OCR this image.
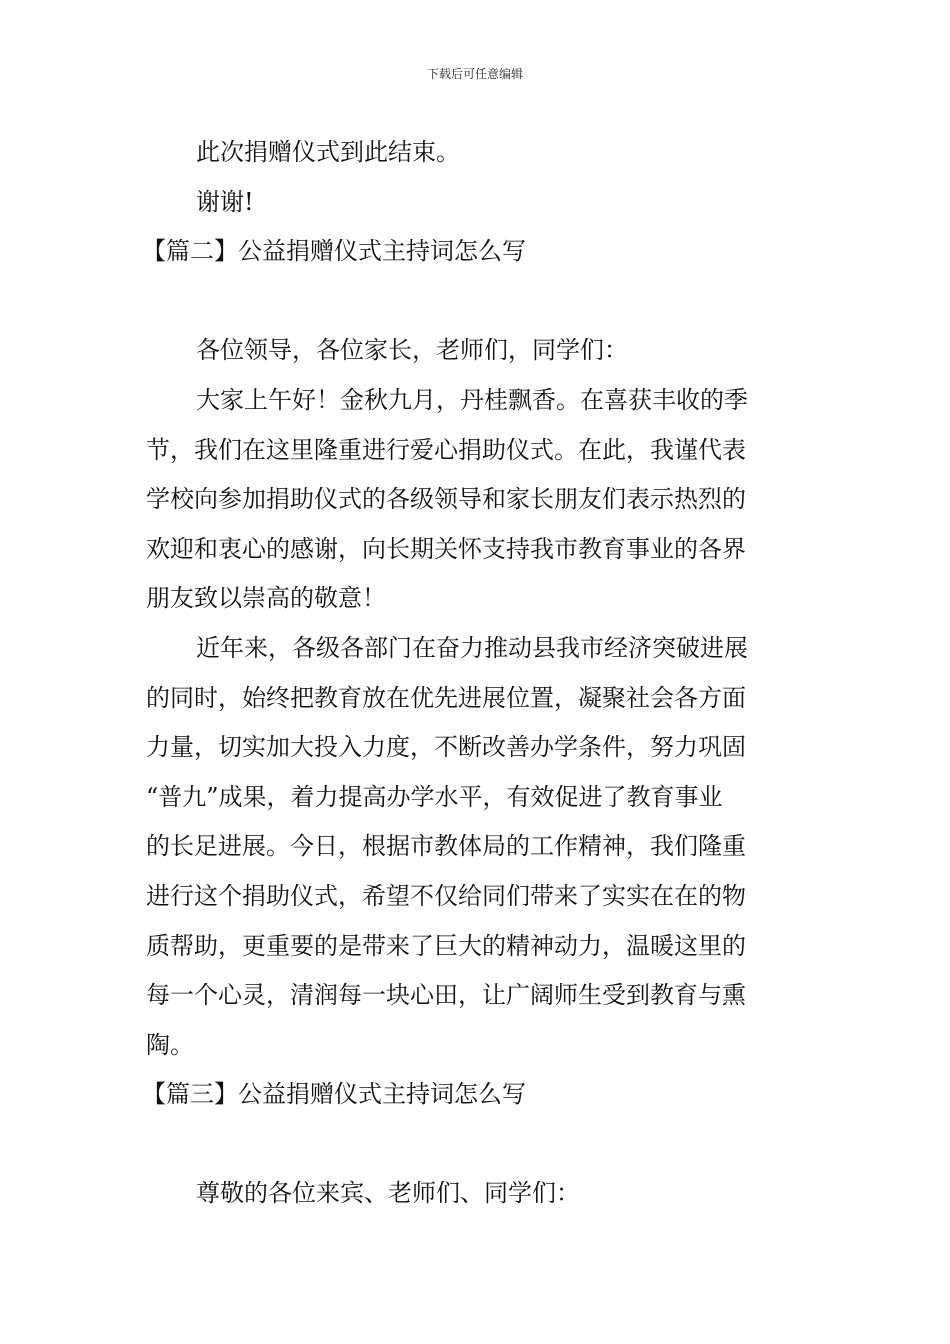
下载后可任意编辑
此次捐赠仪式到此结束。
谢谢!
【篇二】公益捐赠仪式主持词怎么写
各位领导，各位家长，老师们，同学们：
大家上午好！金秋九月，丹桂飘香。在喜获丰收的季
节，我们在这里隆重进行爱心捐助仪式。在此，我谨代表
学校向参加捐助仪式的各级领导和家长朋友们表示热烈的
欢迎和衷心的感谢，向长期关怀支持我市教育事业的各界
朋友致以崇高的敬意！
近年来，各级各部门在奋力推动县我市经济突破进展
的同时，始终把教育放在优先进展位置，凝聚社会各方面
力量，切实加大投入力度，不断改善办学条件，努力巩固
“普九”成果，着力提高办学水平，有效促进了教育事业
的长足进展。今日，根据市教体局的工作精神，我们隆重
进行这个捐助仪式，希望不仅给同们带来了实实在在的物
质帮助，更重要的是带来了巨大的精神动力，温暖这里的
每一个心灵，清润每一块心田，让广阔师生受到教育与熏
陶。
【篇三】公益捐赠仪式主持词怎么写
尊敬的各位来宾、老师们、同学们：
